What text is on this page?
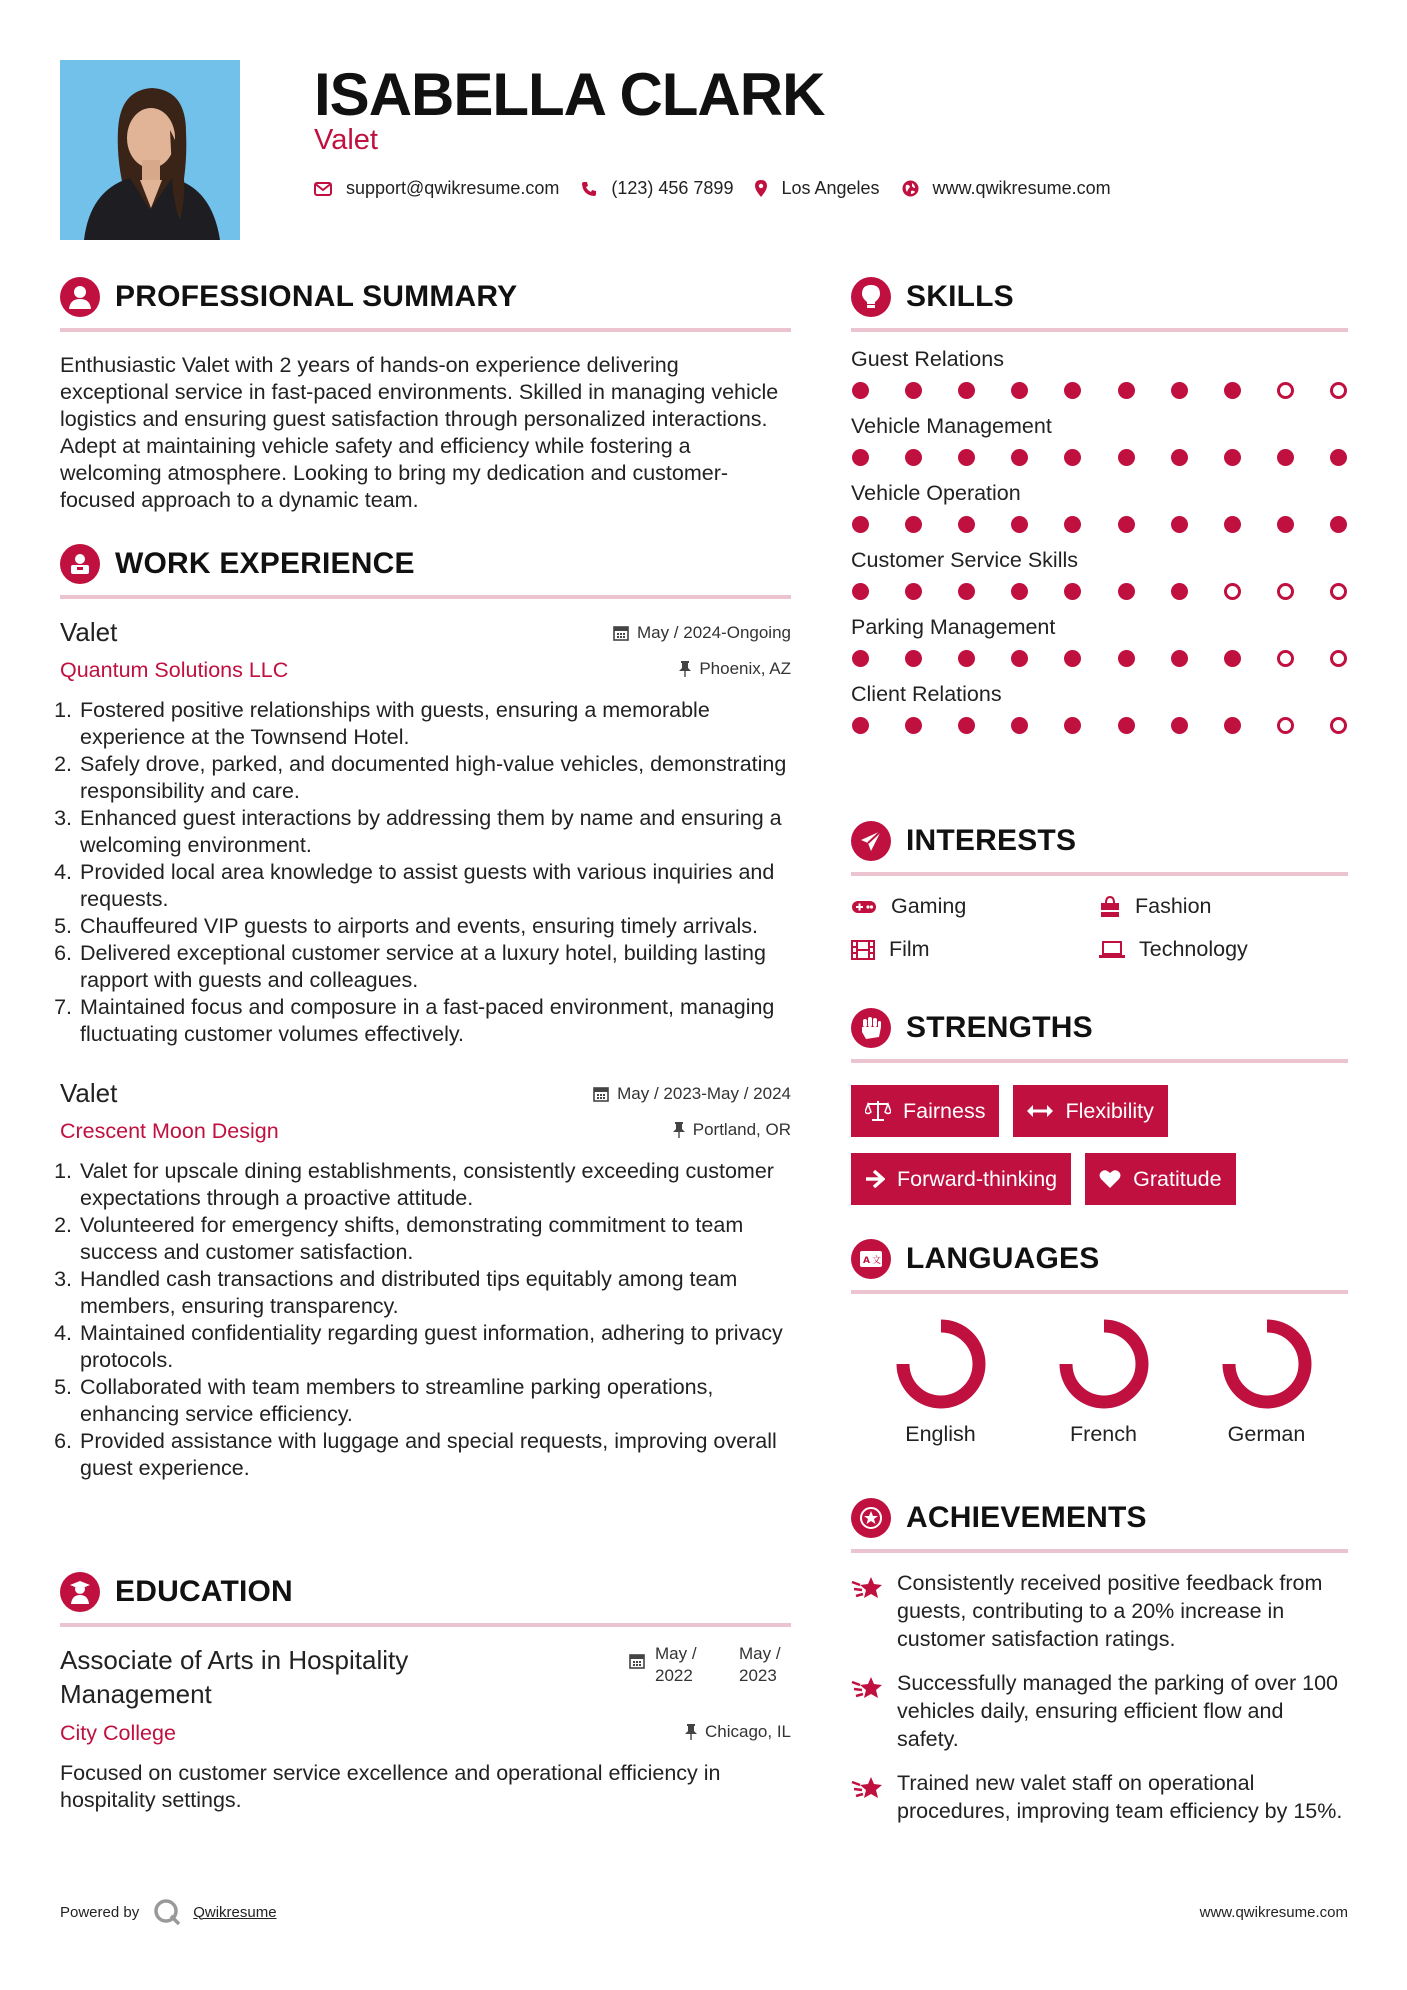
ISABELLA CLARK
Valet
support@qwikresume.com	(123) 456 7899	Los Angeles	www.qwikresume.com
PROFESSIONAL SUMMARY

Enthusiastic Valet with 2 years of hands-on experience delivering exceptional service in fast-paced environments. Skilled in managing vehicle logistics and ensuring guest satisfaction through personalized interactions. Adept at maintaining vehicle safety and efficiency while fostering a welcoming atmosphere. Looking to bring my dedication and customer-focused approach to a dynamic team.

WORK EXPERIENCE
Valet	May / 2024-Ongoing
Quantum Solutions LLC	Phoenix, AZ
1. Fostered positive relationships with guests, ensuring a memorable experience at the Townsend Hotel.
2. Safely drove, parked, and documented high-value vehicles, demonstrating responsibility and care.
3. Enhanced guest interactions by addressing them by name and ensuring a welcoming environment.
4. Provided local area knowledge to assist guests with various inquiries and requests.
5. Chauffeured VIP guests to airports and events, ensuring timely arrivals.
6. Delivered exceptional customer service at a luxury hotel, building lasting rapport with guests and colleagues.
7. Maintained focus and composure in a fast-paced environment, managing fluctuating customer volumes effectively.
Valet	May / 2023-May / 2024
Crescent Moon Design	Portland, OR
1. Valet for upscale dining establishments, consistently exceeding customer expectations through a proactive attitude.
2. Volunteered for emergency shifts, demonstrating commitment to team success and customer satisfaction.
3. Handled cash transactions and distributed tips equitably among team members, ensuring transparency.
4. Maintained confidentiality regarding guest information, adhering to privacy protocols.
5. Collaborated with team members to streamline parking operations, enhancing service efficiency.
6. Provided assistance with luggage and special requests, improving overall guest experience.
EDUCATION
Associate of Arts in Hospitality Management
May /
2022
May /
2023
City College	Chicago, IL

Focused on customer service excellence and operational efficiency in hospitality settings.

SKILLS
Guest Relations
Vehicle Management
Vehicle Operation
Customer Service Skills
Parking Management
Client Relations
INTERESTS
Gaming	Fashion
Film	Technology
STRENGTHS
Fairness	Flexibility
Forward-thinking	Gratitude
A 文 LANGUAGES
English	French	German
ACHIEVEMENTS
Consistently received positive feedback from guests, contributing to a 20% increase in customer satisfaction ratings.
Successfully managed the parking of over 100 vehicles daily, ensuring efficient flow and safety.
Trained new valet staff on operational procedures, improving team efficiency by 15%.
Powered by	Qwikresume	www.qwikresume.com
